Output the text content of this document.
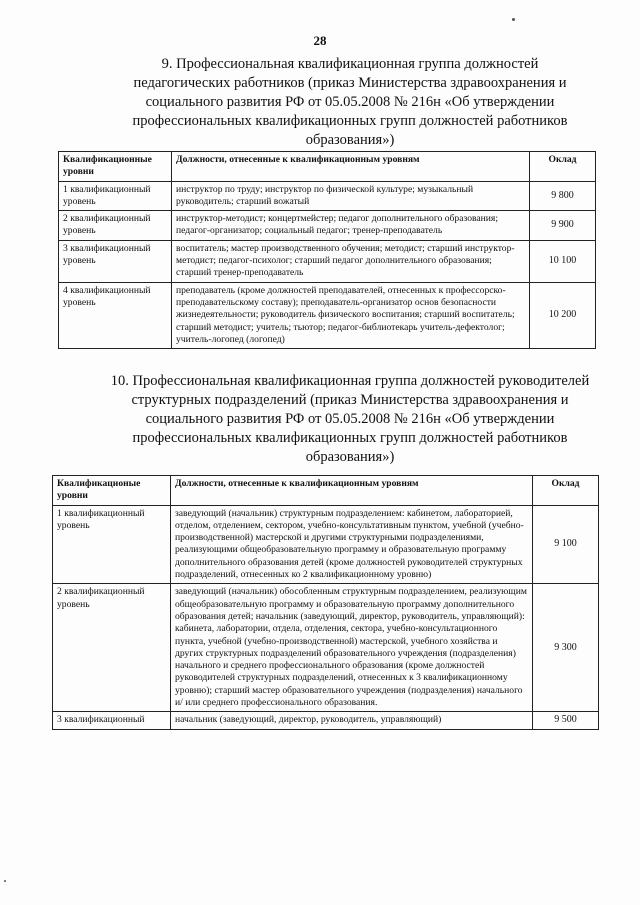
28
9. Профессиональная квалификационная группа должностей
педагогических работников (приказ Министерства здравоохранения и
социального развития РФ от 05.05.2008 № 216н «Об утверждении
профессиональных квалификационных групп должностей работников
образования»)
Квалификационные уровни	Должности, отнесенные к квалификационным уровням	Оклад
1 квалификационный уровень	инструктор по труду; инструктор по физической культуре; музыкальный руководитель; старший вожатый	9 800
2 квалификационный уровень	инструктор-методист; концертмейстер; педагог дополнительного образования; педагог-организатор; социальный педагог; тренер-преподаватель	9 900
3 квалификационный уровень	воспитатель; мастер производственного обучения; методист; старший инструктор-методист; педагог-психолог; старший педагог дополнительного образования; старший тренер-преподаватель	10 100
4 квалификационный уровень	преподаватель (кроме должностей преподавателей, отнесенных к профессорско-преподавательскому составу); преподаватель-организатор основ безопасности жизнедеятельности; руководитель физического воспитания; старший воспитатель; старший методист; учитель; тьютор; педагог-библиотекарь учитель-дефектолог; учитель-логопед (логопед)	10 200
10. Профессиональная квалификационная группа должностей руководителей
структурных подразделений (приказ Министерства здравоохранения и
социального развития РФ от 05.05.2008 № 216н «Об утверждении
профессиональных квалификационных групп должностей работников
образования»)
Квалификационые уровни	Должности, отнесенные к квалификационным уровням	Оклад
1 квалификационный уровень	заведующий (начальник) структурным подразделением: кабинетом, лабораторией, отделом, отделением, сектором, учебно-консультативным пунктом, учебной (учебно-производственной) мастерской и другими структурными подразделениями, реализующими общеобразовательную программу и образовательную программу дополнительного образования детей (кроме должностей руководителей структурных подразделений, отнесенных ко 2 квалификационному уровню)	9 100
2 квалификационный уровень	заведующий (начальник) обособленным структурным подразделением, реализующим общеобразовательную программу и образовательную программу дополнительного образования детей; начальник (заведующий, директор, руководитель, управляющий): кабинета, лаборатории, отдела, отделения, сектора, учебно-консультационного пункта, учебной (учебно-производственной) мастерской, учебного хозяйства и других структурных подразделений образовательного учреждения (подразделения) начального и среднего профессионального образования (кроме должностей руководителей структурных подразделений, отнесенных к 3 квалификационному уровню); старший мастер образовательного учреждения (подразделения) начального и/ или среднего профессионального образования.	9 300
3 квалификационный	начальник (заведующий, директор, руководитель, управляющий)	9 500
